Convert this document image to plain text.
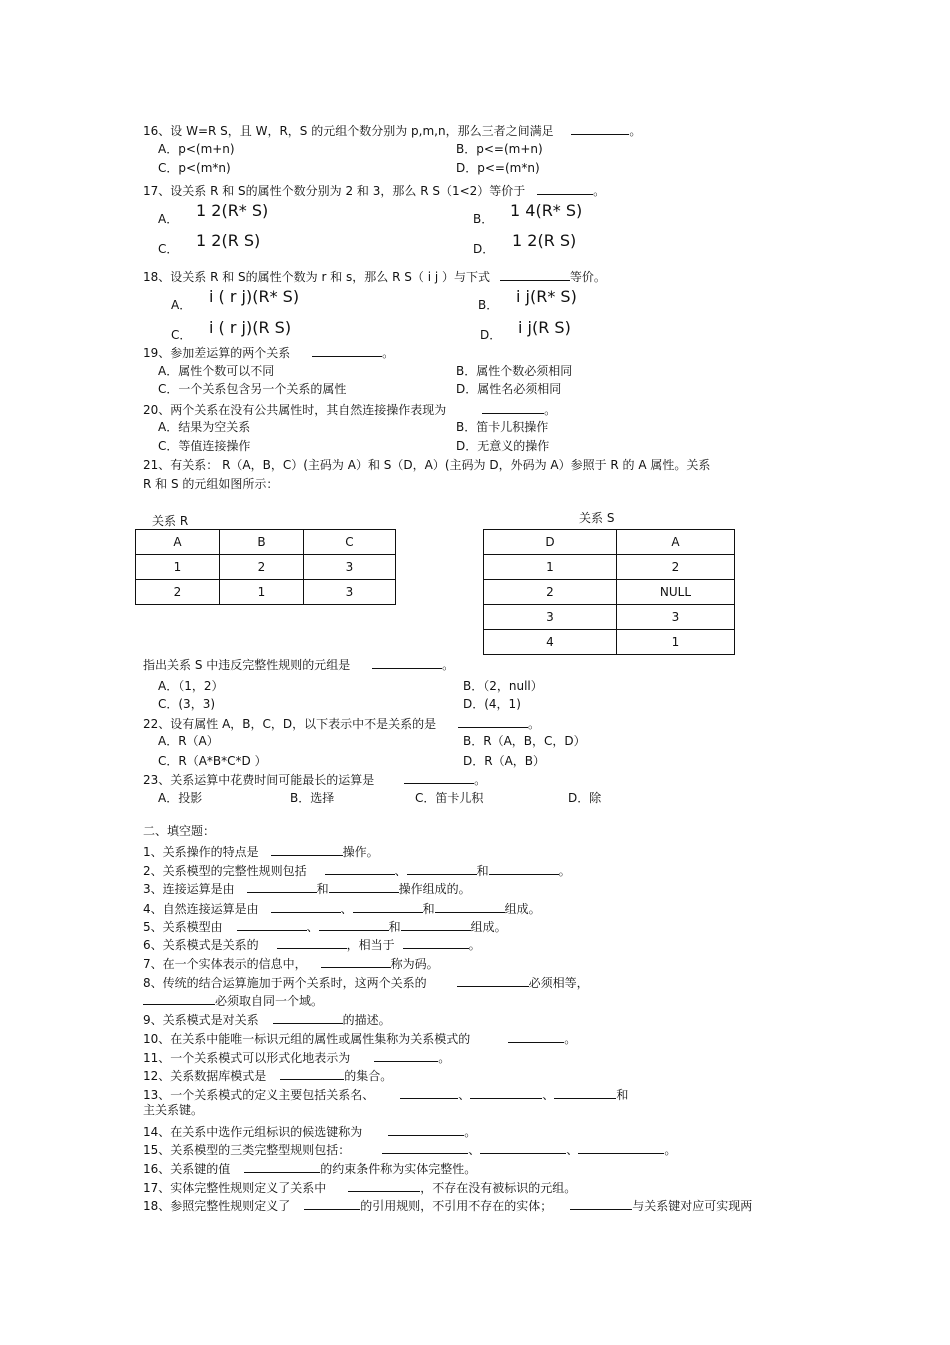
16、设 W=R S，且 W，R，S 的元组个数分别为 p,m,n，那么三者之间满足	。
A．p<(m+n)	B．p<=(m+n)
C．p<(m*n)	D．p<=(m*n)
17、设关系 R 和 S的属性个数分别为 2 和 3，那么 R S（1<2）等价于	。
A． 1 2(R* S)	B． 1 4(R* S)
C． 1 2(R S)	D． 1 2(R S)
18、设关系 R 和 S的属性个数为 r 和 s，那么 R S（ i j ）与下式	等价。
A． i ( r j)(R* S)	B． i j(R* S)
C． i ( r j)(R S)	D． i j(R S)
19、参加差运算的两个关系	。
A．属性个数可以不同	B．属性个数必须相同
C．一个关系包含另一个关系的属性	D．属性名必须相同
20、两个关系在没有公共属性时，其自然连接操作表现为	。
A．结果为空关系	B．笛卡儿积操作
C．等值连接操作	D．无意义的操作
21、有关系： R（A，B，C）(主码为 A）和 S（D，A）(主码为 D，外码为 A）参照于 R 的 A 属性。关系
R 和 S 的元组如图所示：
关系 R	关系 S
A	B	C
1	2	3
2	1	3
D	A
1	2
2	NULL
3	3
4	1
指出关系 S 中违反完整性规则的元组是	。
A．（1，2）	B．（2，null）
C．(3，3)	D．(4，1)
22、设有属性 A，B，C，D，以下表示中不是关系的是	。
A．R（A）	B．R（A，B，C，D）
C．R（A*B*C*D ）	D．R（A，B）
23、关系运算中花费时间可能最长的运算是	。
A．投影	B．选择	C．笛卡儿积	D．除
二、填空题：
1、关系操作的特点是	操作。
2、关系模型的完整性规则包括	、	和	。
3、连接运算是由	和	操作组成的。
4、自然连接运算是由	、	和	组成。
5、关系模型由	、	和	组成。
6、关系模式是关系的	，相当于	。
7、在一个实体表示的信息中，	称为码。
8、传统的结合运算施加于两个关系时，这两个关系的	必须相等，
必须取自同一个域。
9、关系模式是对关系	的描述。
10、在关系中能唯一标识元组的属性或属性集称为关系模式的	。
11、一个关系模式可以形式化地表示为	。
12、关系数据库模式是	的集合。
13、一个关系模式的定义主要包括关系名、	、	、	和
主关系键。
14、在关系中选作元组标识的候选键称为	。
15、关系模型的三类完整型规则包括：	、	、	。
16、关系键的值	的约束条件称为实体完整性。
17、实体完整性规则定义了关系中	，不存在没有被标识的元组。
18、参照完整性规则定义了	的引用规则，不引用不存在的实体；	与关系键对应可实现两
